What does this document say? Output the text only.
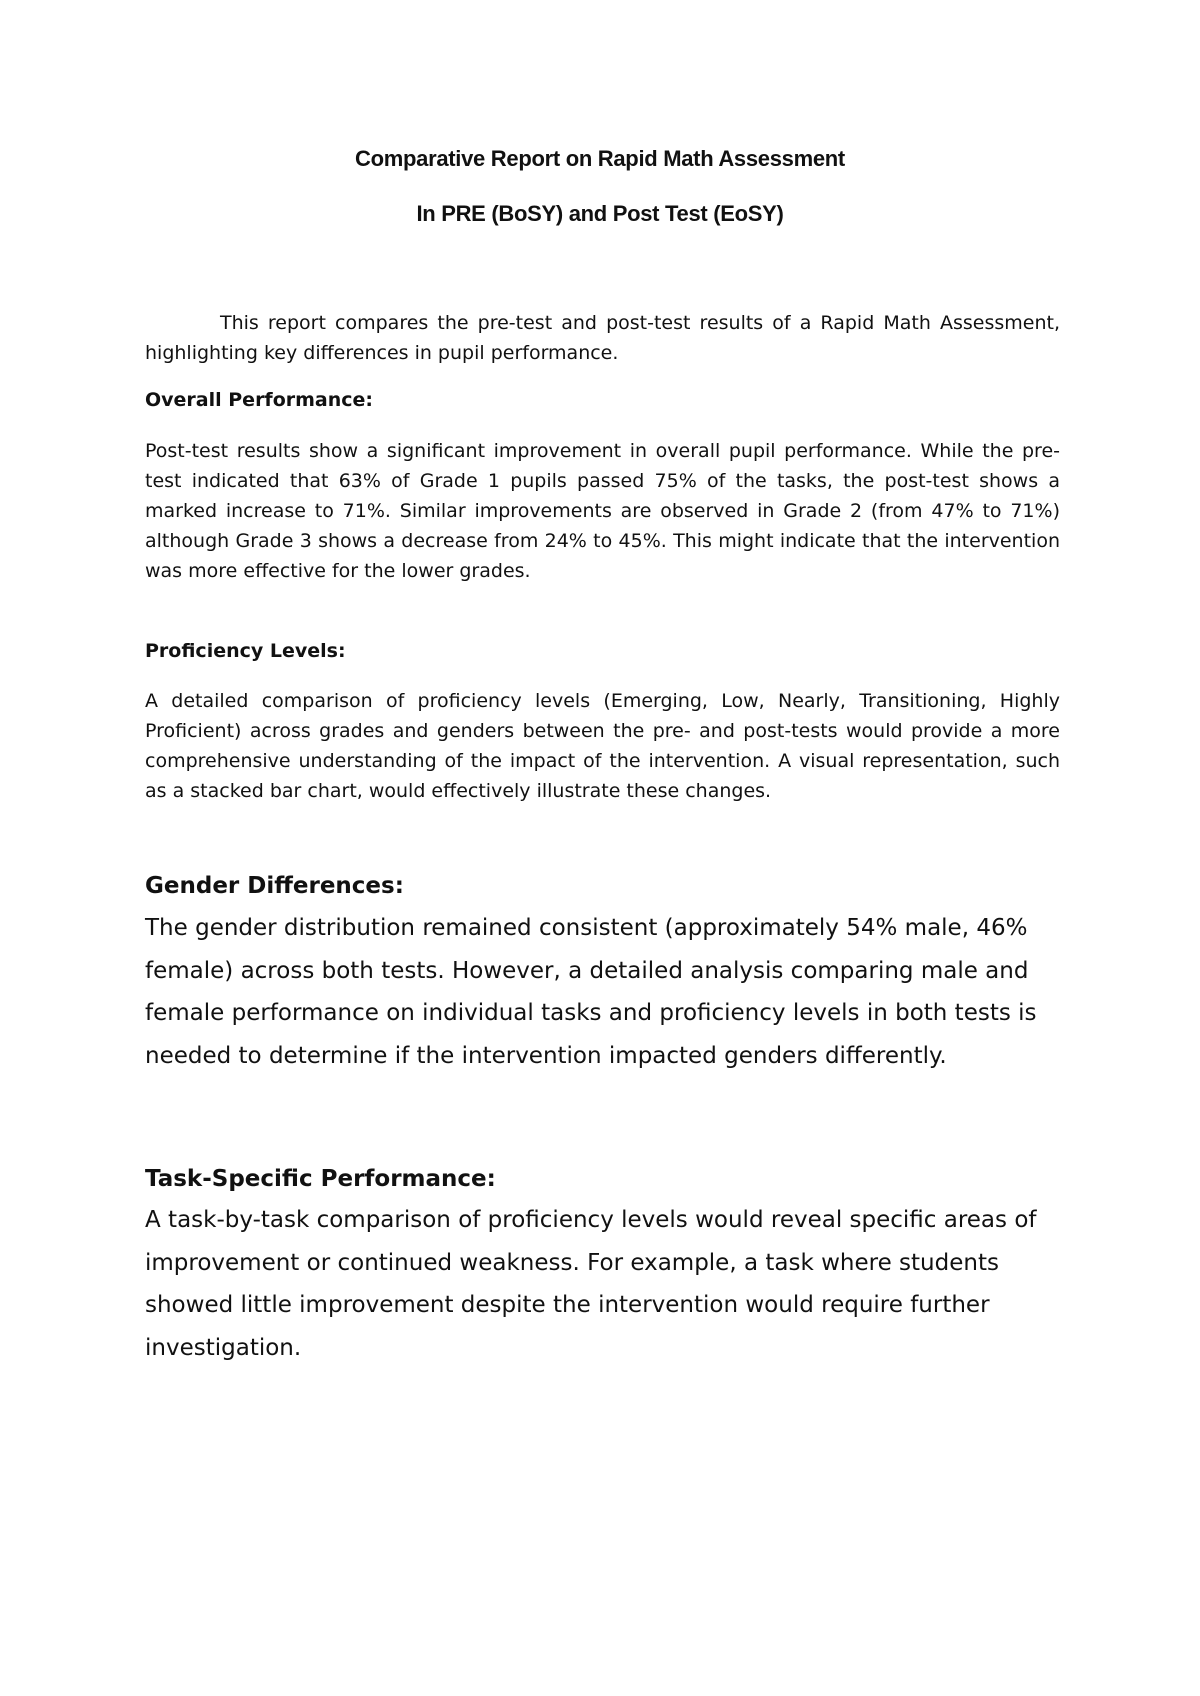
Comparative Report on Rapid Math Assessment
In PRE (BoSY) and Post Test (EoSY)

This report compares the pre-test and post-test results of a Rapid Math Assessment, highlighting key differences in pupil performance.

Overall Performance:

Post-test results show a significant improvement in overall pupil performance. While the pre-test indicated that 63% of Grade 1 pupils passed 75% of the tasks, the post-test shows a marked increase to 71%. Similar improvements are observed in Grade 2 (from 47% to 71%) although Grade 3 shows a decrease from 24% to 45%. This might indicate that the intervention was more effective for the lower grades.

Proficiency Levels:

A detailed comparison of proficiency levels (Emerging, Low, Nearly, Transitioning, Highly Proficient) across grades and genders between the pre- and post-tests would provide a more comprehensive understanding of the impact of the intervention. A visual representation, such as a stacked bar chart, would effectively illustrate these changes.

Gender Differences:

The gender distribution remained consistent (approximately 54% male, 46% female) across both tests. However, a detailed analysis comparing male and female performance on individual tasks and proficiency levels in both tests is needed to determine if the intervention impacted genders differently.

Task-Specific Performance:

A task-by-task comparison of proficiency levels would reveal specific areas of improvement or continued weakness. For example, a task where students showed little improvement despite the intervention would require further investigation.
